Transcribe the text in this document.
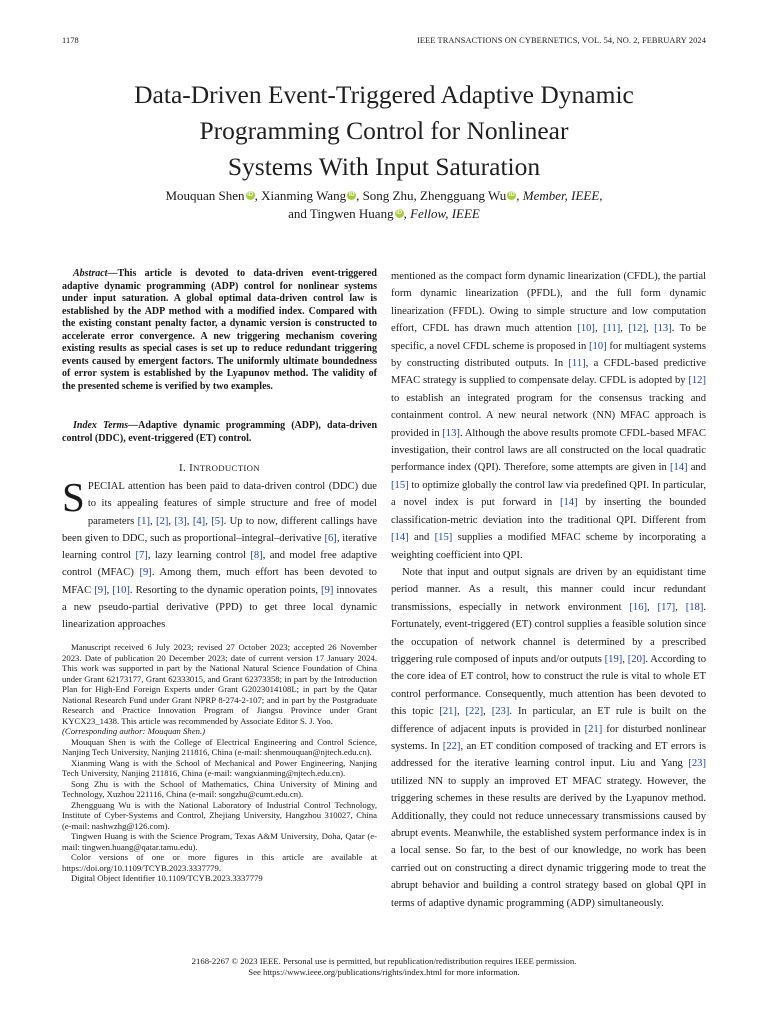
1178	IEEE TRANSACTIONS ON CYBERNETICS, VOL. 54, NO. 2, FEBRUARY 2024
Data-Driven Event-Triggered Adaptive Dynamic
Programming Control for Nonlinear
Systems With Input Saturation
Mouquan Shen iD , Xianming Wang iD , Song Zhu, Zhengguang Wu iD , Member, IEEE,
and Tingwen Huang iD , Fellow, IEEE
Abstract—This article is devoted to data-driven event-triggered adaptive dynamic programming (ADP) control for nonlinear systems under input saturation. A global optimal data-driven control law is established by the ADP method with a modified index. Compared with the existing constant penalty factor, a dynamic version is constructed to accelerate error convergence. A new triggering mechanism covering existing results as special cases is set up to reduce redundant triggering events caused by emergent factors. The uniformly ultimate boundedness of error system is established by the Lyapunov method. The validity of the presented scheme is verified by two examples.
Index Terms—Adaptive dynamic programming (ADP), data-driven control (DDC), event-triggered (ET) control.
I. INTRODUCTION
SPECIAL attention has been paid to data-driven control (DDC) due to its appealing features of simple structure and free of model parameters [1], [2], [3], [4], [5]. Up to now, different callings have been given to DDC, such as proportional–integral–derivative [6], iterative learning control [7], lazy learning control [8], and model free adaptive control (MFAC) [9]. Among them, much effort has been devoted to MFAC [9], [10]. Resorting to the dynamic operation points, [9] innovates a new pseudo-partial derivative (PPD) to get three local dynamic linearization approaches

Manuscript received 6 July 2023; revised 27 October 2023; accepted 26 November 2023. Date of publication 20 December 2023; date of current version 17 January 2024. This work was supported in part by the National Natural Science Foundation of China under Grant 62173177, Grant 62333015, and Grant 62373358; in part by the Introduction Plan for High-End Foreign Experts under Grant G2023014108L; in part by the Qatar National Research Fund under Grant NPRP 8-274-2-107; and in part by the Postgraduate Research and Practice Innovation Program of Jiangsu Province under Grant KYCX23_1438. This article was recommended by Associate Editor S. J. Yoo.
(Corresponding author: Mouquan Shen.)

Mouquan Shen is with the College of Electrical Engineering and Control Science, Nanjing Tech University, Nanjing 211816, China (e-mail: shenmouquan@njtech.edu.cn).

Xianming Wang is with the School of Mechanical and Power Engineering, Nanjing Tech University, Nanjing 211816, China (e-mail: wangxianming@njtech.edu.cn).

Song Zhu is with the School of Mathematics, China University of Mining and Technology, Xuzhou 221116, China (e-mail: songzhu@cumt.edu.cn).

Zhengguang Wu is with the National Laboratory of Industrial Control Technology, Institute of Cyber-Systems and Control, Zhejiang University, Hangzhou 310027, China (e-mail: nashwzhg@126.com).

Tingwen Huang is with the Science Program, Texas A&M University, Doha, Qatar (e-mail: tingwen.huang@qatar.tamu.edu).

Color versions of one or more figures in this article are available at https://doi.org/10.1109/TCYB.2023.3337779.

Digital Object Identifier 10.1109/TCYB.2023.3337779

mentioned as the compact form dynamic linearization (CFDL), the partial form dynamic linearization (PFDL), and the full form dynamic linearization (FFDL). Owing to simple structure and low computation effort, CFDL has drawn much attention [10], [11], [12], [13]. To be specific, a novel CFDL scheme is proposed in [10] for multiagent systems by constructing distributed outputs. In [11], a CFDL-based predictive MFAC strategy is supplied to compensate delay. CFDL is adopted by [12] to establish an integrated program for the consensus tracking and containment control. A new neural network (NN) MFAC approach is provided in [13]. Although the above results promote CFDL-based MFAC investigation, their control laws are all constructed on the local quadratic performance index (QPI). Therefore, some attempts are given in [14] and [15] to optimize globally the control law via predefined QPI. In particular, a novel index is put forward in [14] by inserting the bounded classification-metric deviation into the traditional QPI. Different from [14] and [15] supplies a modified MFAC scheme by incorporating a weighting coefficient into QPI.

Note that input and output signals are driven by an equidistant time period manner. As a result, this manner could incur redundant transmissions, especially in network environment [16], [17], [18]. Fortunately, event-triggered (ET) control supplies a feasible solution since the occupation of network channel is determined by a prescribed triggering rule composed of inputs and/or outputs [19], [20]. According to the core idea of ET control, how to construct the rule is vital to whole ET control performance. Consequently, much attention has been devoted to this topic [21], [22], [23]. In particular, an ET rule is built on the difference of adjacent inputs is provided in [21] for disturbed nonlinear systems. In [22], an ET condition composed of tracking and ET errors is addressed for the iterative learning control input. Liu and Yang [23] utilized NN to supply an improved ET MFAC strategy. However, the triggering schemes in these results are derived by the Lyapunov method. Additionally, they could not reduce unnecessary transmissions caused by abrupt events. Meanwhile, the established system performance index is in a local sense. So far, to the best of our knowledge, no work has been carried out on constructing a direct dynamic triggering mode to treat the abrupt behavior and building a control strategy based on global QPI in terms of adaptive dynamic programming (ADP) simultaneously.

2168-2267 © 2023 IEEE. Personal use is permitted, but republication/redistribution requires IEEE permission.
See https://www.ieee.org/publications/rights/index.html for more information.
